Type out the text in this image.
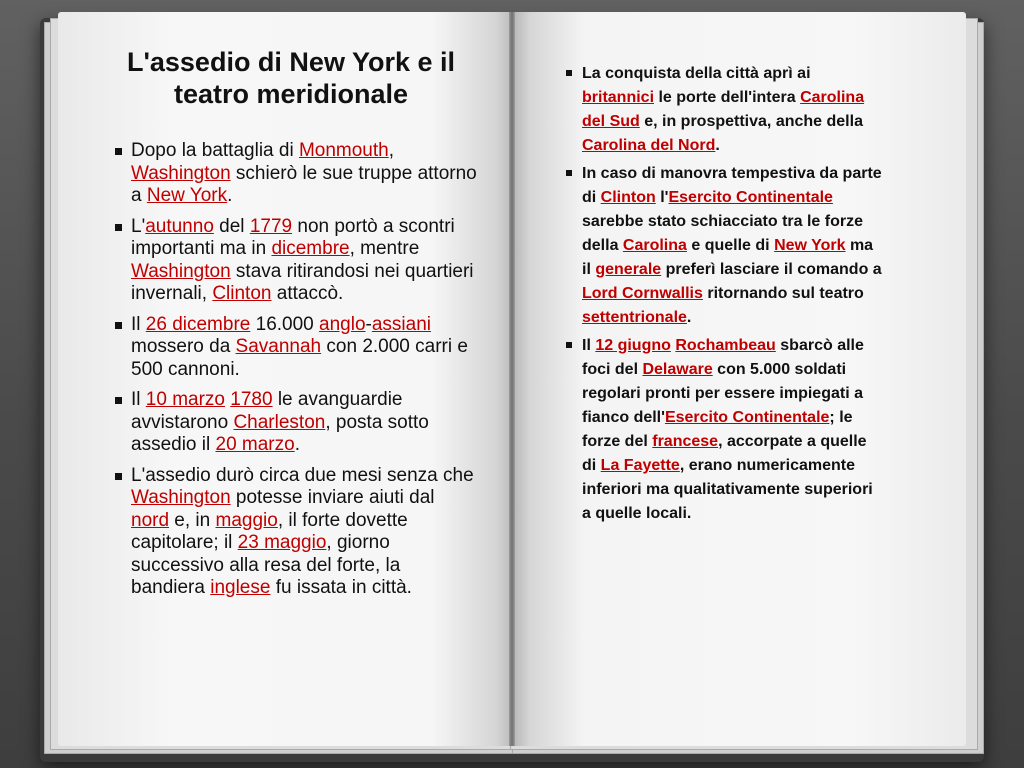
L'assedio di New York e il teatro meridionale
Dopo la battaglia di Monmouth, Washington schierò le sue truppe attorno a New York.
L'autunno del 1779 non portò a scontri importanti ma in dicembre, mentre Washington stava ritirandosi nei quartieri invernali, Clinton attaccò.
Il 26 dicembre 16.000 anglo-assiani mossero da Savannah con 2.000 carri e 500 cannoni.
Il 10 marzo 1780 le avanguardie avvistarono Charleston, posta sotto assedio il 20 marzo.
L'assedio durò circa due mesi senza che Washington potesse inviare aiuti dal nord e, in maggio, il forte dovette capitolare; il 23 maggio, giorno successivo alla resa del forte, la bandiera inglese fu issata in città.
La conquista della città aprì ai britannici le porte dell'intera Carolina del Sud e, in prospettiva, anche della Carolina del Nord.
In caso di manovra tempestiva da parte di Clinton l'Esercito Continentale sarebbe stato schiacciato tra le forze della Carolina e quelle di New York ma il generale preferì lasciare il comando a Lord Cornwallis ritornando sul teatro settentrionale.
Il 12 giugno Rochambeau sbarcò alle foci del Delaware con 5.000 soldati regolari pronti per essere impiegati a fianco dell'Esercito Continentale; le forze del francese, accorpate a quelle di La Fayette, erano numericamente inferiori ma qualitativamente superiori a quelle locali.
